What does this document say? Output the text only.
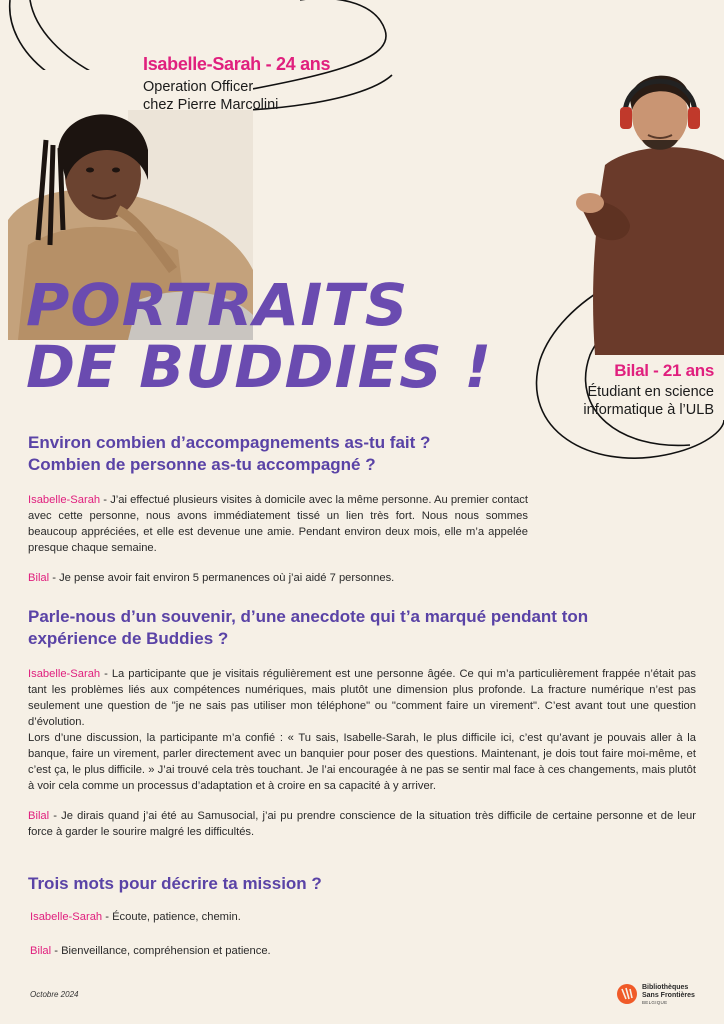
Isabelle-Sarah - 24 ans
Operation Officer
chez Pierre Marcolini
Bilal - 21 ans
Étudiant en science
informatique à l’ULB
PORTRAITS
DE BUDDIES !
Environ combien d’accompagnements as-tu fait ?
Combien de personne as-tu accompagné ?

Isabelle-Sarah - J’ai effectué plusieurs visites à domicile avec la même personne. Au premier contact avec cette personne, nous avons immédiatement tissé un lien très fort. Nous nous sommes beaucoup appréciées, et elle est devenue une amie. Pendant environ deux mois, elle m’a appelée presque chaque semaine.

Bilal - Je pense avoir fait environ 5 permanences où j’ai aidé 7 personnes.

Parle-nous d’un souvenir, d’une anecdote qui t’a marqué pendant ton
expérience de Buddies ?

Isabelle-Sarah - La participante que je visitais régulièrement est une personne âgée. Ce qui m’a particulièrement frappée n’était pas tant les problèmes liés aux compétences numériques, mais plutôt une dimension plus profonde. La fracture numérique n’est pas seulement une question de "je ne sais pas utiliser mon téléphone" ou "comment faire un virement". C’est avant tout une question d’évolution.
Lors d’une discussion, la participante m’a confié : « Tu sais, Isabelle-Sarah, le plus difficile ici, c’est qu’avant je pouvais aller à la banque, faire un virement, parler directement avec un banquier pour poser des questions. Maintenant, je dois tout faire moi-même, et c’est ça, le plus difficile. » J’ai trouvé cela très touchant. Je l’ai encouragée à ne pas se sentir mal face à ces changements, mais plutôt à voir cela comme un processus d’adaptation et à croire en sa capacité à y arriver.

Bilal - Je dirais quand j’ai été au Samusocial, j’ai pu prendre conscience de la situation très difficile de certaine personne et de leur force à garder le sourire malgré les difficultés.

Trois mots pour décrire ta mission ?

Isabelle-Sarah - Écoute, patience, chemin.

Bilal - Bienveillance, compréhension et patience.

Octobre 2024
Bibliothèques
Sans Frontières
BELGIQUE
